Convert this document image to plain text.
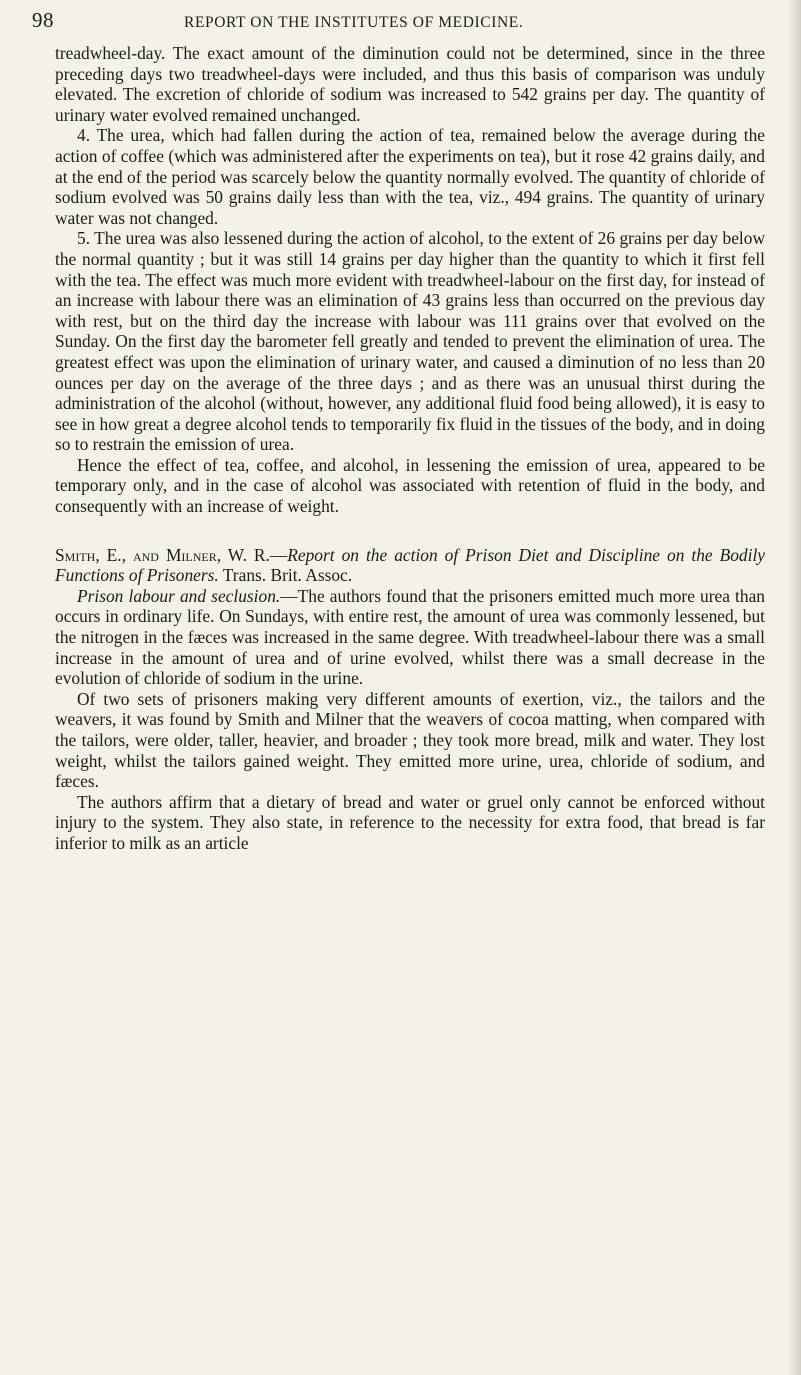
98	REPORT ON THE INSTITUTES OF MEDICINE.

treadwheel-day. The exact amount of the diminution could not be determined, since in the three preceding days two treadwheel-days were included, and thus this basis of comparison was unduly elevated. The excretion of chloride of sodium was increased to 542 grains per day. The quantity of urinary water evolved remained unchanged.

4. The urea, which had fallen during the action of tea, remained below the average during the action of coffee (which was administered after the experiments on tea), but it rose 42 grains daily, and at the end of the period was scarcely below the quantity normally evolved. The quantity of chloride of sodium evolved was 50 grains daily less than with the tea, viz., 494 grains. The quantity of urinary water was not changed.

5. The urea was also lessened during the action of alcohol, to the extent of 26 grains per day below the normal quantity ; but it was still 14 grains per day higher than the quantity to which it first fell with the tea. The effect was much more evident with treadwheel-labour on the first day, for instead of an increase with labour there was an elimination of 43 grains less than occurred on the previous day with rest, but on the third day the increase with labour was 111 grains over that evolved on the Sunday. On the first day the barometer fell greatly and tended to prevent the elimination of urea. The greatest effect was upon the elimination of urinary water, and caused a diminution of no less than 20 ounces per day on the average of the three days ; and as there was an unusual thirst during the administration of the alcohol (without, however, any additional fluid food being allowed), it is easy to see in how great a degree alcohol tends to temporarily fix fluid in the tissues of the body, and in doing so to restrain the emission of urea.

Hence the effect of tea, coffee, and alcohol, in lessening the emission of urea, appeared to be temporary only, and in the case of alcohol was associated with retention of fluid in the body, and consequently with an increase of weight.

Smith, E., and Milner, W. R.—Report on the action of Prison Diet and Discipline on the Bodily Functions of Prisoners. Trans. Brit. Assoc.

Prison labour and seclusion.—The authors found that the prisoners emitted much more urea than occurs in ordinary life. On Sundays, with entire rest, the amount of urea was commonly lessened, but the nitrogen in the fæces was increased in the same degree. With treadwheel-labour there was a small increase in the amount of urea and of urine evolved, whilst there was a small decrease in the evolution of chloride of sodium in the urine.

Of two sets of prisoners making very different amounts of exertion, viz., the tailors and the weavers, it was found by Smith and Milner that the weavers of cocoa matting, when compared with the tailors, were older, taller, heavier, and broader ; they took more bread, milk and water. They lost weight, whilst the tailors gained weight. They emitted more urine, urea, chloride of sodium, and fæces.

The authors affirm that a dietary of bread and water or gruel only cannot be enforced without injury to the system. They also state, in reference to the necessity for extra food, that bread is far inferior to milk as an article
